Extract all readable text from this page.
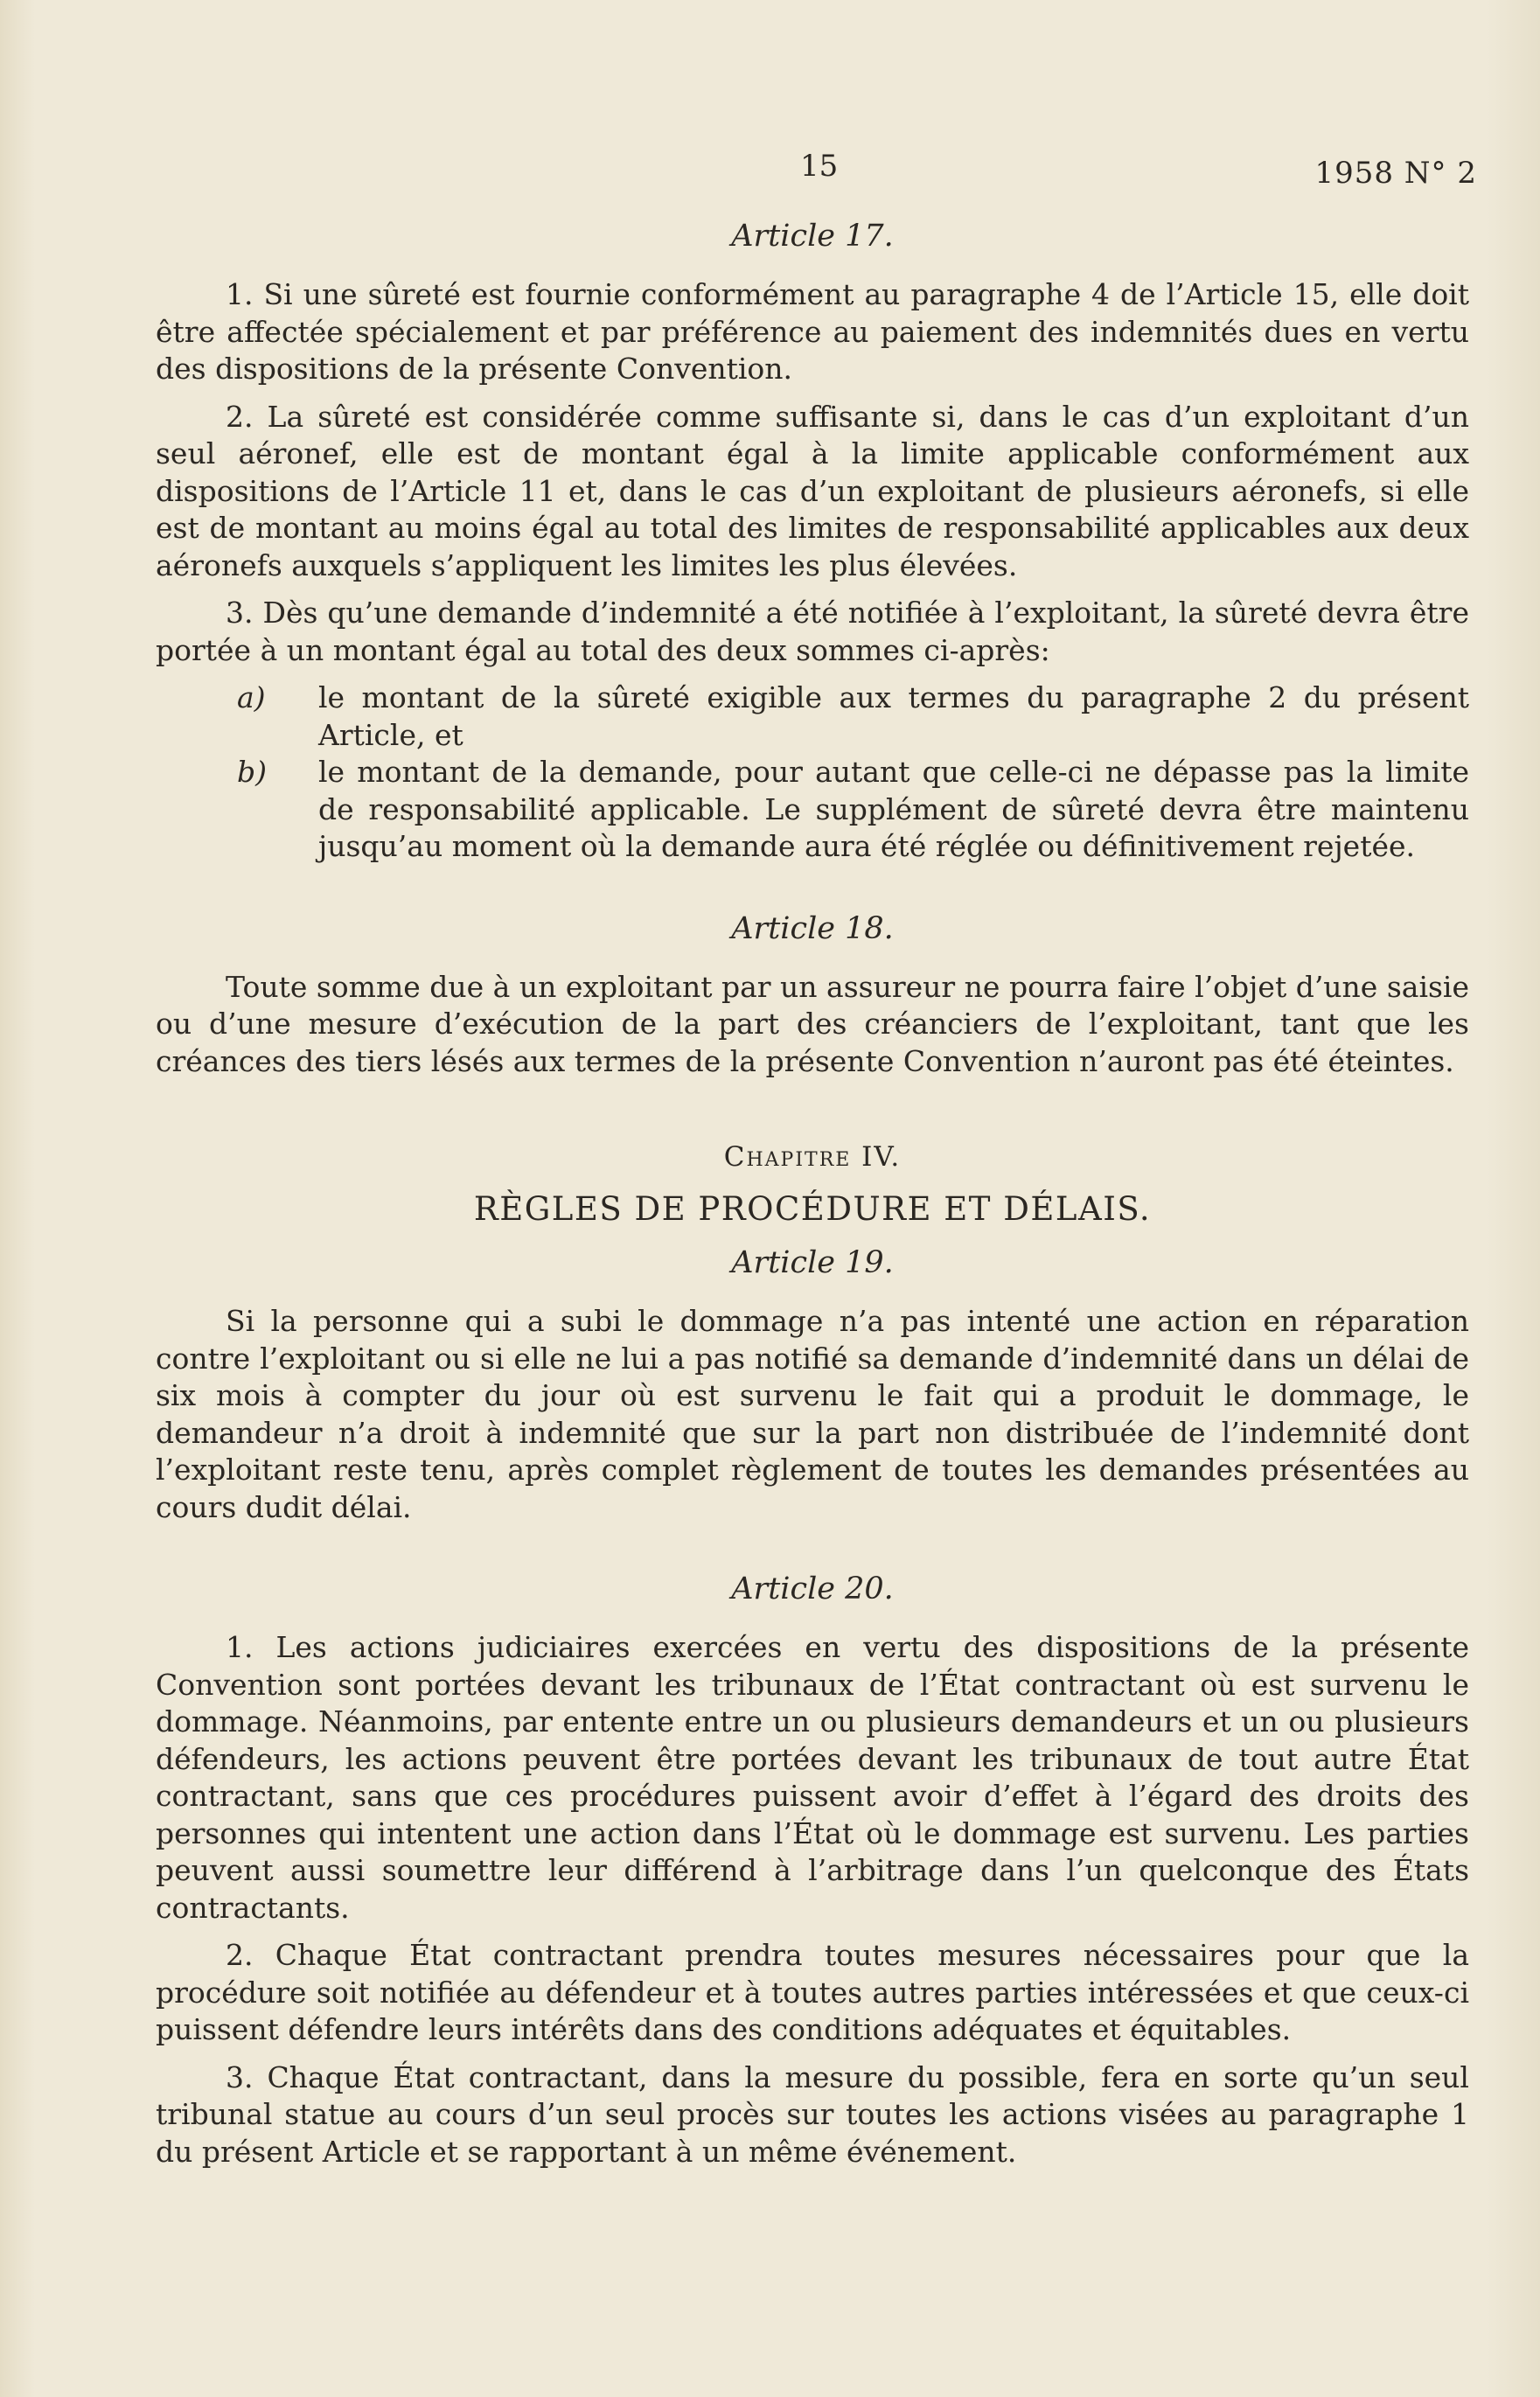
15	1958 N° 2
Article 17.

1. Si une sûreté est fournie conformément au paragraphe 4 de l’Article 15, elle doit être affectée spécialement et par préférence au paiement des indemnités dues en vertu des dispositions de la présente Convention.

2. La sûreté est considérée comme suffisante si, dans le cas d’un exploitant d’un seul aéronef, elle est de montant égal à la limite applicable conformément aux dispositions de l’Article 11 et, dans le cas d’un exploitant de plusieurs aéronefs, si elle est de montant au moins égal au total des limites de responsabilité applicables aux deux aéronefs auxquels s’appliquent les limites les plus élevées.

3. Dès qu’une demande d’indemnité a été notifiée à l’exploitant, la sûreté devra être portée à un montant égal au total des deux sommes ci-après:

a)	le montant de la sûreté exigible aux termes du paragraphe 2 du présent Article, et
b)	le montant de la demande, pour autant que celle-ci ne dépasse pas la limite de responsabilité applicable. Le supplément de sûreté devra être maintenu jusqu’au moment où la demande aura été réglée ou définitivement rejetée.
Article 18.

Toute somme due à un exploitant par un assureur ne pourra faire l’objet d’une saisie ou d’une mesure d’exécution de la part des créanciers de l’exploitant, tant que les créances des tiers lésés aux termes de la présente Convention n’auront pas été éteintes.

Chapitre IV.
RÈGLES DE PROCÉDURE ET DÉLAIS.
Article 19.

Si la personne qui a subi le dommage n’a pas intenté une action en réparation contre l’exploitant ou si elle ne lui a pas notifié sa demande d’indemnité dans un délai de six mois à compter du jour où est survenu le fait qui a produit le dommage, le demandeur n’a droit à indemnité que sur la part non distribuée de l’indemnité dont l’exploitant reste tenu, après complet règlement de toutes les demandes présentées au cours dudit délai.

Article 20.

1. Les actions judiciaires exercées en vertu des dispositions de la présente Convention sont portées devant les tribunaux de l’État contractant où est survenu le dommage. Néanmoins, par entente entre un ou plusieurs demandeurs et un ou plusieurs défendeurs, les actions peuvent être portées devant les tribunaux de tout autre État contractant, sans que ces procédures puissent avoir d’effet à l’égard des droits des personnes qui intentent une action dans l’État où le dommage est survenu. Les parties peuvent aussi soumettre leur différend à l’arbitrage dans l’un quelconque des États contractants.

2. Chaque État contractant prendra toutes mesures nécessaires pour que la procédure soit notifiée au défendeur et à toutes autres parties intéressées et que ceux-ci puissent défendre leurs intérêts dans des conditions adéquates et équitables.

3. Chaque État contractant, dans la mesure du possible, fera en sorte qu’un seul tribunal statue au cours d’un seul procès sur toutes les actions visées au paragraphe 1 du présent Article et se rapportant à un même événement.
